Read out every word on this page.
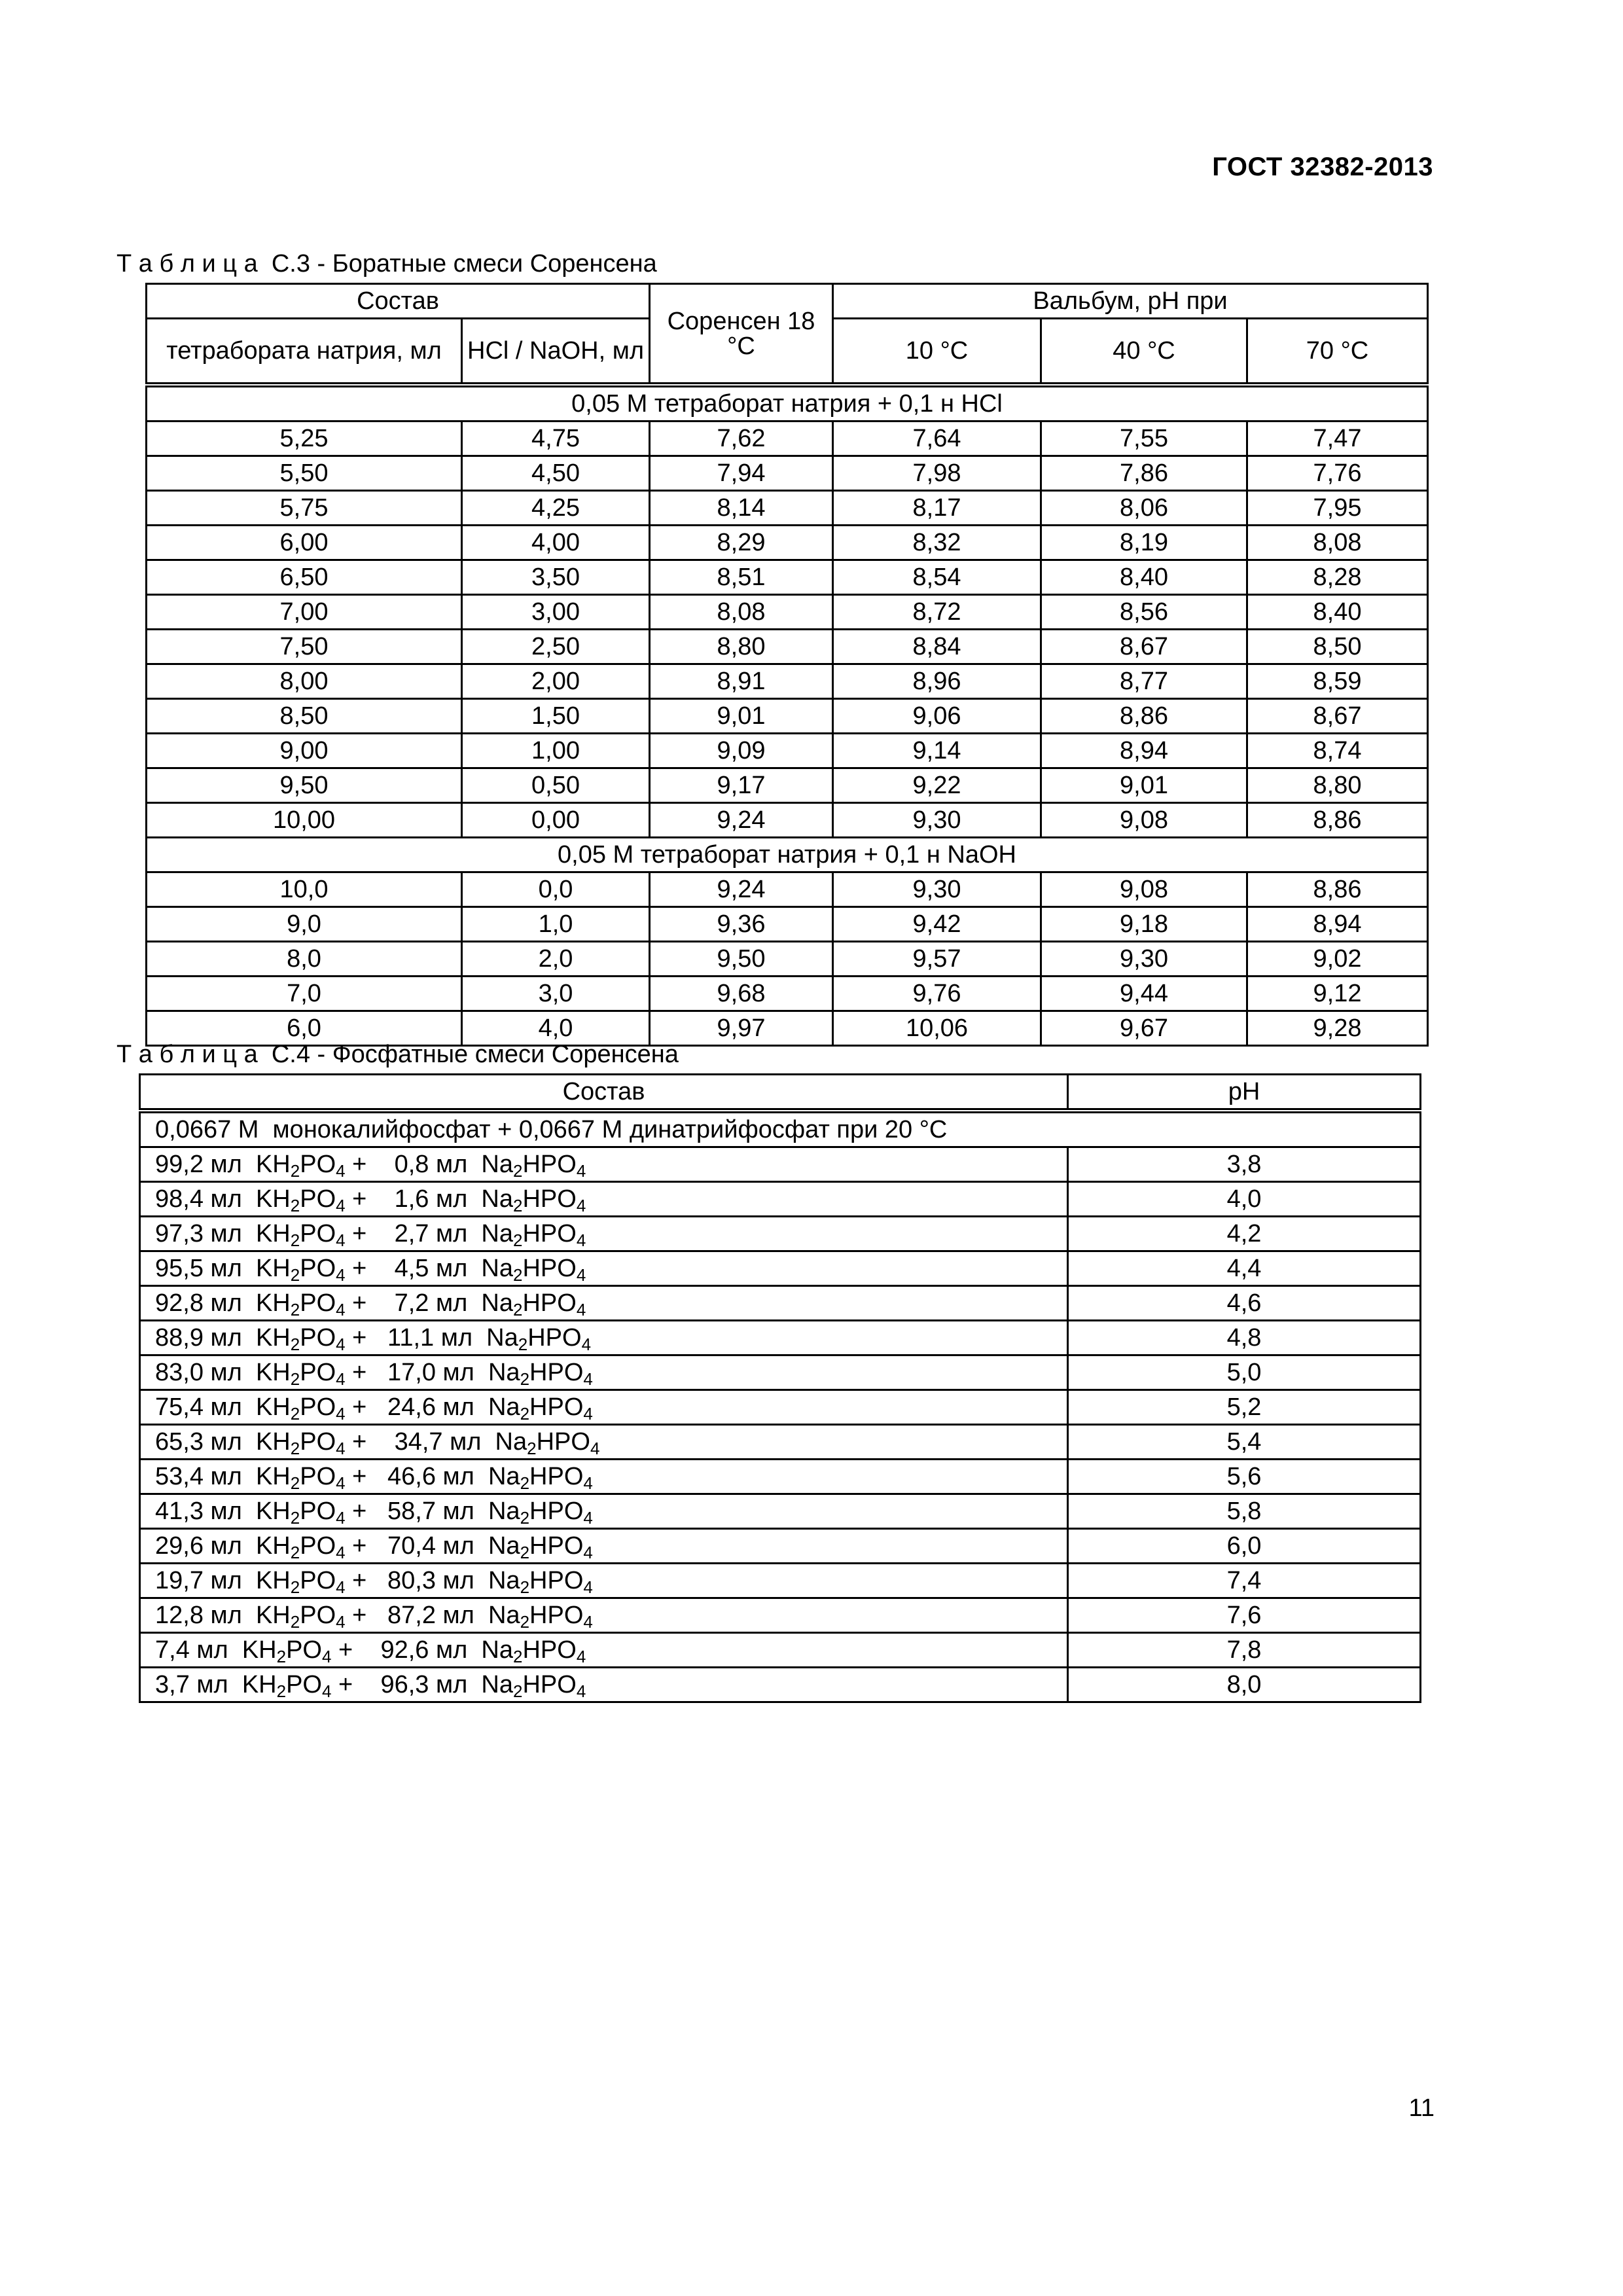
ГОСТ 32382-2013
Т а б л и ц а  С.3 - Боратные смеси Соренсена
Состав		Соренсен 18 °C	Вальбум, pH при		
тетрабората натрия, мл	HCl / NaOH, мл		10 °C	40 °C	70 °C
0,05 М тетраборат натрия + 0,1 н HCl					
5,25	4,75	7,62	7,64	7,55	7,47
5,50	4,50	7,94	7,98	7,86	7,76
5,75	4,25	8,14	8,17	8,06	7,95
6,00	4,00	8,29	8,32	8,19	8,08
6,50	3,50	8,51	8,54	8,40	8,28
7,00	3,00	8,08	8,72	8,56	8,40
7,50	2,50	8,80	8,84	8,67	8,50
8,00	2,00	8,91	8,96	8,77	8,59
8,50	1,50	9,01	9,06	8,86	8,67
9,00	1,00	9,09	9,14	8,94	8,74
9,50	0,50	9,17	9,22	9,01	8,80
10,00	0,00	9,24	9,30	9,08	8,86
0,05 М тетраборат натрия + 0,1 н NaOH					
10,0	0,0	9,24	9,30	9,08	8,86
9,0	1,0	9,36	9,42	9,18	8,94
8,0	2,0	9,50	9,57	9,30	9,02
7,0	3,0	9,68	9,76	9,44	9,12
6,0	4,0	9,97	10,06	9,67	9,28
Т а б л и ц а  С.4 - Фосфатные смеси Соренсена
Состав	pH
0,0667 М  монокалийфосфат + 0,0667 М динатрийфосфат при 20 °С	
99,2 мл $KH_2PO_4$ +    0,8 мл $Na_2HPO_4$	3,8
98,4 мл $KH_2PO_4$ +    1,6 мл $Na_2HPO_4$	4,0
97,3 мл $KH_2PO_4$ +    2,7 мл $Na_2HPO_4$	4,2
95,5 мл $KH_2PO_4$ +    4,5 мл $Na_2HPO_4$	4,4
92,8 мл $KH_2PO_4$ +    7,2 мл $Na_2HPO_4$	4,6
88,9 мл $KH_2PO_4 + 11,1$ мл $Na_2HPO_4$	4,8
83,0 мл $KH_2PO_4 + 17,0$ мл $Na_2HPO_4$	5,0
75,4 мл $KH_2PO_4 + 24,6$ мл $Na_2HPO_4$	5,2
65,3 мл $KH_2PO_4$ +    34,7 мл $Na_2HPO_4$	5,4
53,4 мл $KH_2PO_4 + 46,6$ мл $Na_2HPO_4$	5,6
41,3 мл $KH_2PO_4 + 58,7$ мл $Na_2HPO_4$	5,8
29,6 мл $KH_2PO_4 + 70,4$ мл $Na_2HPO_4$	6,0
19,7 мл $KH_2PO_4 + 80,3$ мл $Na_2HPO_4$	7,4
12,8 мл $KH_2PO_4 + 87,2$ мл $Na_2HPO_4$	7,6
7,4 мл $KH_2PO_4$ +    92,6 мл $Na_2HPO_4$	7,8
3,7 мл $KH_2PO_4$ +    96,3 мл $Na_2HPO_4$	8,0
11
